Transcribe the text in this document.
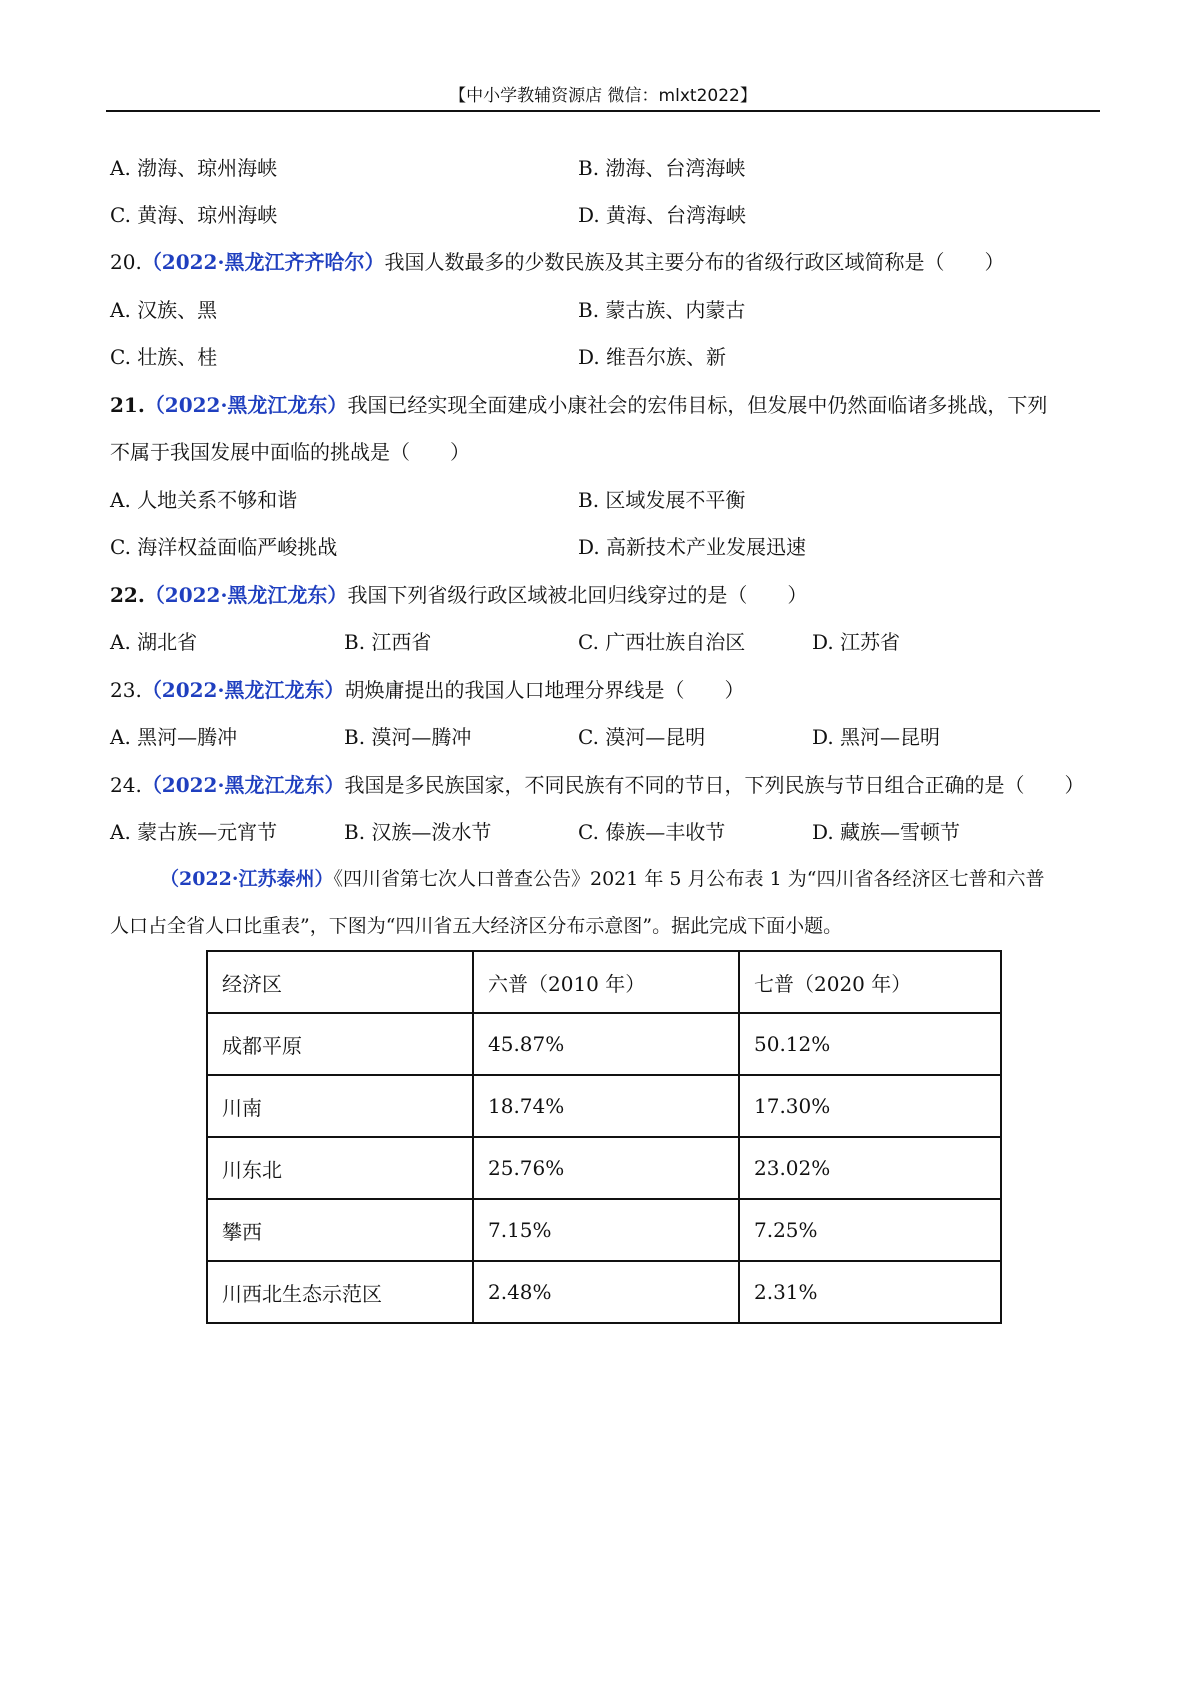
【中小学教辅资源店 微信：mlxt2022】
A. 渤海、琼州海峡	B. 渤海、台湾海峡
C. 黄海、琼州海峡	D. 黄海、台湾海峡
20.（2022·黑龙江齐齐哈尔）我国人数最多的少数民族及其主要分布的省级行政区域简称是（　　）
A. 汉族、黑	B. 蒙古族、内蒙古
C. 壮族、桂	D. 维吾尔族、新
21.（2022·黑龙江龙东）我国已经实现全面建成小康社会的宏伟目标，但发展中仍然面临诸多挑战，下列
不属于我国发展中面临的挑战是（　　）
A. 人地关系不够和谐	B. 区域发展不平衡
C. 海洋权益面临严峻挑战	D. 高新技术产业发展迅速
22.（2022·黑龙江龙东）我国下列省级行政区域被北回归线穿过的是（　　）
A. 湖北省	B. 江西省	C. 广西壮族自治区	D. 江苏省
23.（2022·黑龙江龙东）胡焕庸提出的我国人口地理分界线是（　　）
A. 黑河—腾冲	B. 漠河—腾冲	C. 漠河—昆明	D. 黑河—昆明
24.（2022·黑龙江龙东）我国是多民族国家，不同民族有不同的节日，下列民族与节日组合正确的是（　　）
A. 蒙古族—元宵节	B. 汉族—泼水节	C. 傣族—丰收节	D. 藏族—雪顿节
（2022·江苏泰州）《四川省第七次人口普查公告》2021 年 5 月公布表 1 为“四川省各经济区七普和六普
人口占全省人口比重表”，下图为“四川省五大经济区分布示意图”。据此完成下面小题。
经济区	六普（2010 年）	七普（2020 年）
成都平原	45.87%	50.12%
川南	18.74%	17.30%
川东北	25.76%	23.02%
攀西	7.15%	7.25%
川西北生态示范区	2.48%	2.31%
